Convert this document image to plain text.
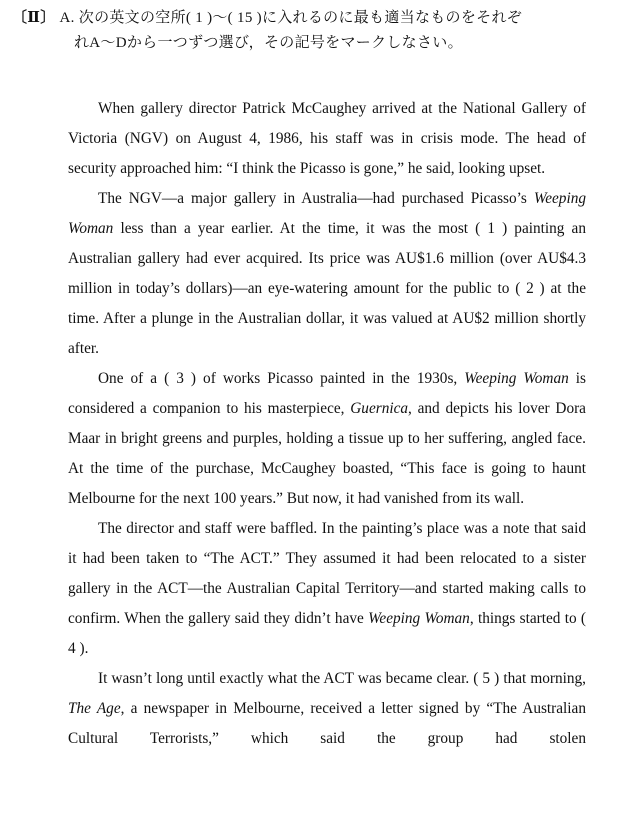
〔Ⅱ〕 A. 次の英文の空所( 1 )～( 15 )に入れるのに最も適当なものをそれぞ
れA～Dから一つずつ選び，その記号をマークしなさい。

When gallery director Patrick McCaughey arrived at the National Gallery of Victoria (NGV) on August 4, 1986, his staff was in crisis mode. The head of security approached him: “I think the Picasso is gone,” he said, looking upset.

The NGV—a major gallery in Australia—had purchased Picasso’s Weeping Woman less than a year earlier. At the time, it was the most ( 1 ) painting an Australian gallery had ever acquired. Its price was AU$1.6 million (over AU$4.3 million in today’s dollars)—an eye-watering amount for the public to ( 2 ) at the time. After a plunge in the Australian dollar, it was valued at AU$2 million shortly after.

One of a ( 3 ) of works Picasso painted in the 1930s, Weeping Woman is considered a companion to his masterpiece, Guernica, and depicts his lover Dora Maar in bright greens and purples, holding a tissue up to her suffering, angled face. At the time of the purchase, McCaughey boasted, “This face is going to haunt Melbourne for the next 100 years.” But now, it had vanished from its wall.

The director and staff were baffled. In the painting’s place was a note that said it had been taken to “The ACT.” They assumed it had been relocated to a sister gallery in the ACT—the Australian Capital Territory—and started making calls to confirm. When the gallery said they didn’t have Weeping Woman, things started to ( 4 ).

It wasn’t long until exactly what the ACT was became clear. ( 5 ) that morning, The Age, a newspaper in Melbourne, received a letter signed by “The Australian Cultural Terrorists,” which said the group had stolen
